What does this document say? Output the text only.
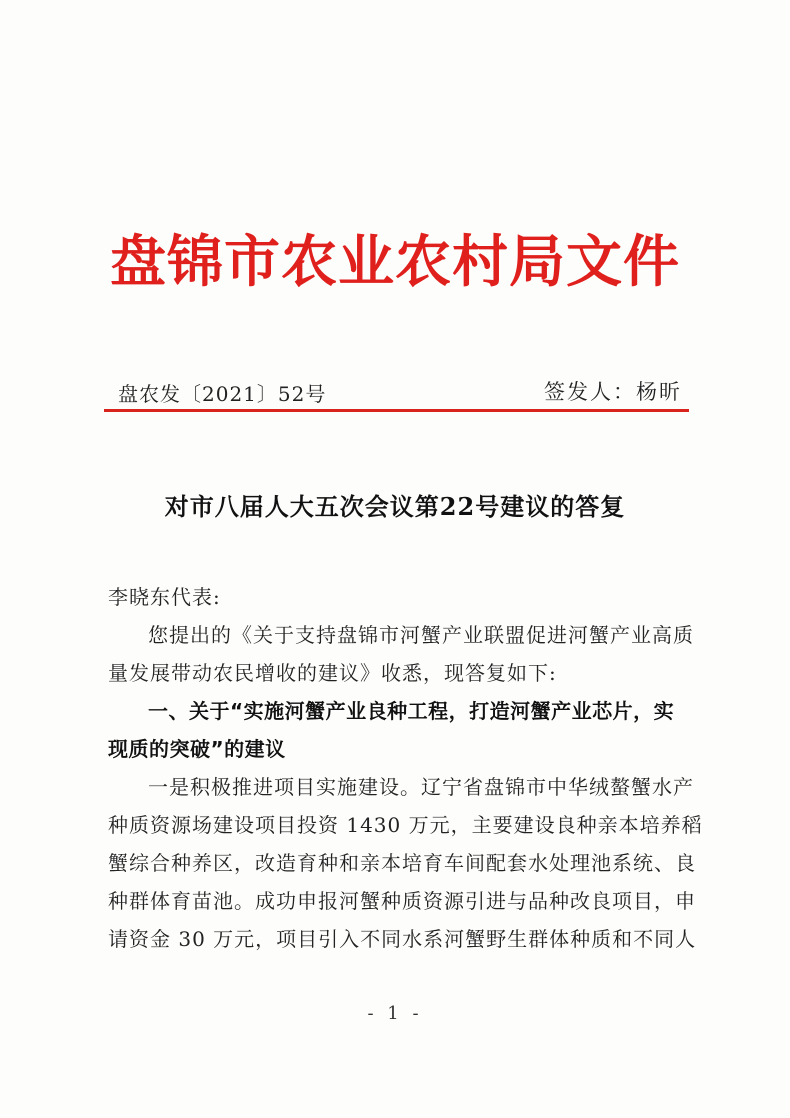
盘锦市农业农村局文件
盘农发〔2021〕52号	签发人：杨昕
对市八届人大五次会议第22号建议的答复
李晓东代表:
您提出的《关于支持盘锦市河蟹产业联盟促进河蟹产业高质
量发展带动农民增收的建议》收悉，现答复如下:
一、关于“实施河蟹产业良种工程，打造河蟹产业芯片，实
现质的突破”的建议
一是积极推进项目实施建设。辽宁省盘锦市中华绒螯蟹水产
种质资源场建设项目投资 1430 万元，主要建设良种亲本培养稻
蟹综合种养区，改造育种和亲本培育车间配套水处理池系统、良
种群体育苗池。成功申报河蟹种质资源引进与品种改良项目，申
请资金 30 万元，项目引入不同水系河蟹野生群体种质和不同人
- 1 -
